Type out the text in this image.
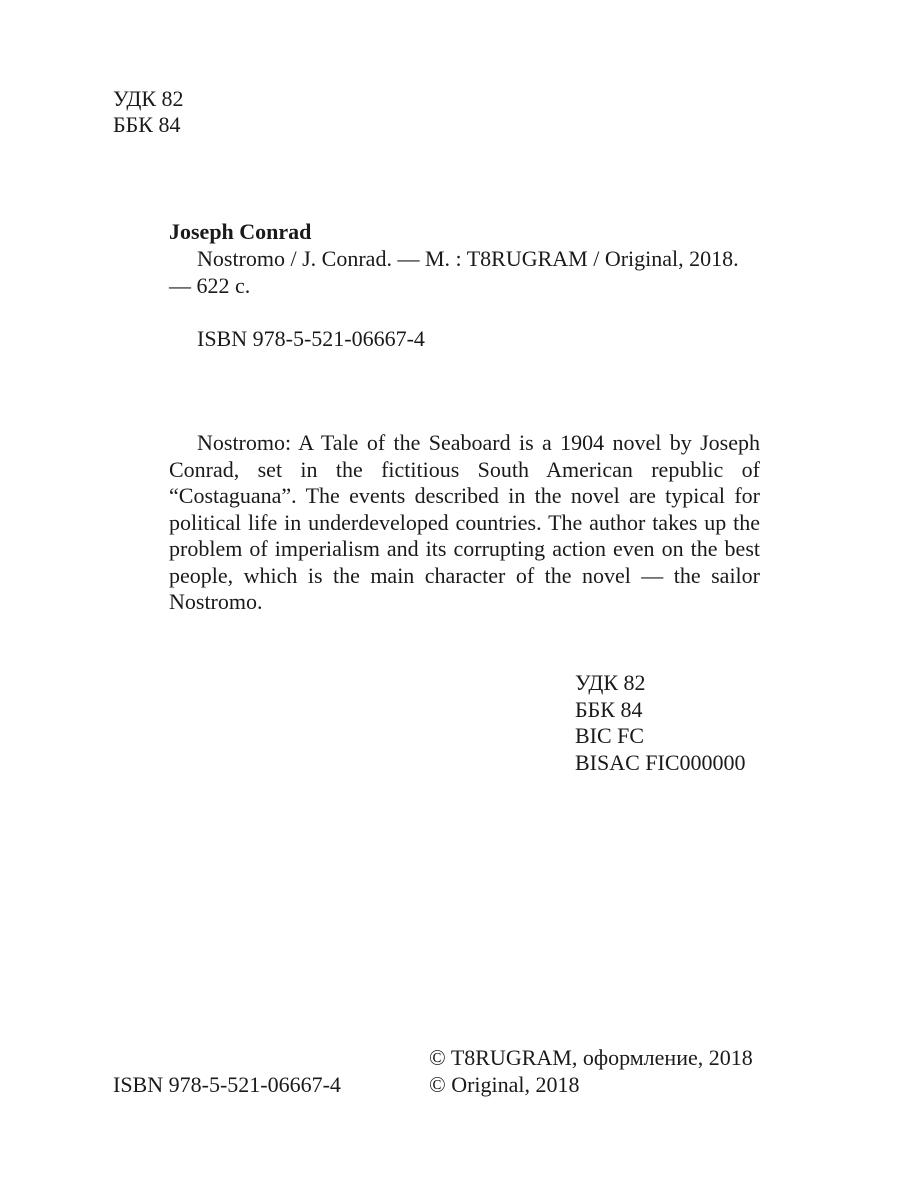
УДК 82
ББК 84
Joseph Conrad
Nostromo / J. Conrad. — M. : T8RUGRAM / Original, 2018. — 622 с.
ISBN 978-5-521-06667-4
Nostromo: A Tale of the Seaboard is a 1904 novel by Joseph Conrad, set in the fictitious South American republic of “Costaguana”. The events described in the novel are typical for political life in underdeveloped countries. The author takes up the problem of imperialism and its corrupting action even on the best people, which is the main character of the novel — the sailor Nostromo.
УДК 82
ББК 84
BIC FC
BISAC FIC000000
ISBN 978-5-521-06667-4
© T8RUGRAM, оформление, 2018
© Original, 2018
